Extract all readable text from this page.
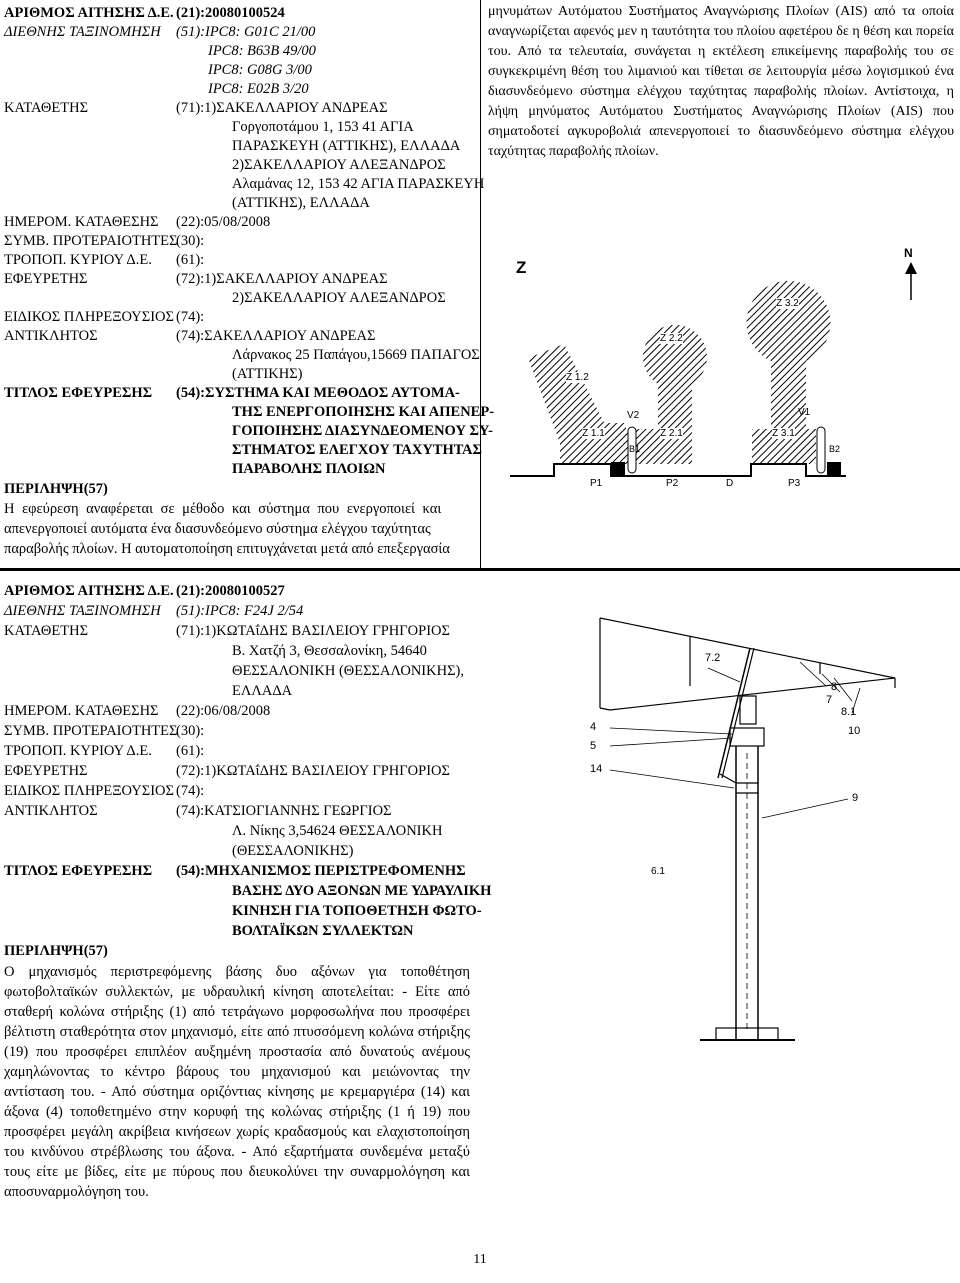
ΑΡΙΘΜΟΣ ΑΙΤΗΣΗΣ Δ.Ε. (21):20080100524
ΔΙΕΘΝΗΣ ΤΑΞΙΝΟΜΗΣΗ (51):IPC8: G01C 21/00
IPC8: B63B 49/00
IPC8: G08G 3/00
IPC8: E02B 3/20
ΚΑΤΑΘΕΤΗΣ	(71):1)ΣΑΚΕΛΛΑΡΙΟΥ ΑΝΔΡΕΑΣ
Γοργοποτάμου 1, 153 41 ΑΓΙΑ
ΠΑΡΑΣΚΕΥΗ (ΑΤΤΙΚΗΣ), ΕΛΛΑΔΑ
2)ΣΑΚΕΛΛΑΡΙΟΥ ΑΛΕΞΑΝΔΡΟΣ
Αλαμάνας 12, 153 42 ΑΓΙΑ ΠΑΡΑΣΚΕΥΗ
(ΑΤΤΙΚΗΣ), ΕΛΛΑΔΑ
ΗΜΕΡΟΜ. ΚΑΤΑΘΕΣΗΣ (22):05/08/2008
ΣΥΜΒ. ΠΡΟΤΕΡΑΙΟΤΗΤΕΣ
(30):
ΤΡΟΠΟΠ. ΚΥΡΙΟΥ Δ.Ε. (61):
ΕΦΕΥΡΕΤΗΣ	(72):1)ΣΑΚΕΛΛΑΡΙΟΥ ΑΝΔΡΕΑΣ
2)ΣΑΚΕΛΛΑΡΙΟΥ ΑΛΕΞΑΝΔΡΟΣ
ΕΙΔΙΚΟΣ ΠΛΗΡΕΞΟΥΣΙΟΣ (74):
ΑΝΤΙΚΛΗΤΟΣ	(74):ΣΑΚΕΛΛΑΡΙΟΥ ΑΝΔΡΕΑΣ
Λάρνακος 25 Παπάγου,15669 ΠΑΠΑΓΟΣ
(ΑΤΤΙΚΗΣ)
ΤΙΤΛΟΣ ΕΦΕΥΡΕΣΗΣ (54):ΣΥΣΤΗΜΑ ΚΑΙ ΜΕΘΟΔΟΣ ΑΥΤΟΜΑ-
ΤΗΣ ΕΝΕΡΓΟΠΟΙΗΣΗΣ ΚΑΙ ΑΠΕΝΕΡ-
ΓΟΠΟΙΗΣΗΣ ΔΙΑΣΥΝΔΕΟΜΕΝΟΥ ΣΥ-
ΣΤΗΜΑΤΟΣ ΕΛΕΓΧΟΥ ΤΑΧΥΤΗΤΑΣ
ΠΑΡΑΒΟΛΗΣ ΠΛΟΙΩΝ
ΠΕΡΙΛΗΨΗ(57)
Η εφεύρεση αναφέρεται σε μέθοδο και σύστημα που ενεργοποιεί και
απενεργοποιεί αυτόματα ένα διασυνδεόμενο σύστημα ελέγχου ταχύτητας
παραβολής πλοίων. Η αυτοματοποίηση επιτυγχάνεται μετά από επεξεργασία
μηνυμάτων Αυτόματου Συστήματος Αναγνώρισης Πλοίων (AIS) από τα οποία αναγνωρίζεται αφενός μεν η ταυτότητα του πλοίου αφετέρου δε η θέση και πορεία του. Από τα τελευταία, συνάγεται η εκτέλεση επικείμενης παραβολής του σε συγκεκριμένη θέση του λιμανιού και τίθεται σε λειτουργία μέσω λογισμικού ένα διασυνδεόμενο σύστημα ελέγχου ταχύτητας παραβολής πλοίων. Αντίστοιχα, η λήψη μηνύματος Αυτόματου Συστήματος Αναγνώρισης Πλοίων (AIS) που σηματοδοτεί αγκυροβολιά απενεργοποιεί το διασυνδεόμενο σύστημα ελέγχου ταχύτητας παραβολής πλοίων.
Z
N
Z 3.2
Z 2.2
Z 1.2
V2	V1
Z 1.1	Z 2.1	Z 3.1
B1	B2
P1	P2	D	P3
ΑΡΙΘΜΟΣ ΑΙΤΗΣΗΣ Δ.Ε. (21):20080100527
ΔΙΕΘΝΗΣ ΤΑΞΙΝΟΜΗΣΗ (51):IPC8: F24J 2/54
ΚΑΤΑΘΕΤΗΣ	(71):1)ΚΩΤΑΐΔΗΣ ΒΑΣΙΛΕΙΟΥ ΓΡΗΓΟΡΙΟΣ
Β. Χατζή 3, Θεσσαλονίκη, 54640
ΘΕΣΣΑΛΟΝΙΚΗ (ΘΕΣΣΑΛΟΝΙΚΗΣ),
ΕΛΛΑΔΑ
ΗΜΕΡΟΜ. ΚΑΤΑΘΕΣΗΣ (22):06/08/2008
ΣΥΜΒ. ΠΡΟΤΕΡΑΙΟΤΗΤΕΣ
(30):
ΤΡΟΠΟΠ. ΚΥΡΙΟΥ Δ.Ε. (61):
ΕΦΕΥΡΕΤΗΣ	(72):1)ΚΩΤΑΐΔΗΣ ΒΑΣΙΛΕΙΟΥ ΓΡΗΓΟΡΙΟΣ
ΕΙΔΙΚΟΣ ΠΛΗΡΕΞΟΥΣΙΟΣ (74):
ΑΝΤΙΚΛΗΤΟΣ	(74):ΚΑΤΣΙΟΓΙΑΝΝΗΣ ΓΕΩΡΓΙΟΣ
Λ. Νίκης 3,54624 ΘΕΣΣΑΛΟΝΙΚΗ
(ΘΕΣΣΑΛΟΝΙΚΗΣ)
ΤΙΤΛΟΣ ΕΦΕΥΡΕΣΗΣ (54):ΜΗΧΑΝΙΣΜΟΣ ΠΕΡΙΣΤΡΕΦΟΜΕΝΗΣ
ΒΑΣΗΣ ΔΥΟ ΑΞΟΝΩΝ ΜΕ ΥΔΡΑΥΛΙΚΗ
ΚΙΝΗΣΗ ΓΙΑ ΤΟΠΟΘΕΤΗΣΗ ΦΩΤΟ-
ΒΟΛΤΑΪΚΩΝ ΣΥΛΛΕΚΤΩΝ
ΠΕΡΙΛΗΨΗ(57)
Ο μηχανισμός περιστρεφόμενης βάσης δυο αξόνων για τοποθέτηση φωτοβολταϊκών συλλεκτών, με υδραυλική κίνηση αποτελείται: - Είτε από σταθερή κολώνα στήριξης (1) από τετράγωνο μορφοσωλήνα που προσφέρει βέλτιστη σταθερότητα στον μηχανισμό, είτε από πτυσσόμενη κολώνα στήριξης (19) που προσφέρει επιπλέον αυξημένη προστασία από δυνατούς ανέμους χαμηλώνοντας το κέντρο βάρους του μηχανισμού και μειώνοντας την αντίσταση του. - Από σύστημα οριζόντιας κίνησης με κρεμαργιέρα (14) και άξονα (4) τοποθετημένο στην κορυφή της κολώνας στήριξης (1 ή 19) που προσφέρει μεγάλη ακρίβεια κινήσεων χωρίς κραδασμούς και ελαχιστοποίηση του κινδύνου στρέβλωσης του άξονα. - Από εξαρτήματα συνδεμένα μεταξύ τους είτε με βίδες, είτε με πύρους που διευκολύνει την συναρμολόγηση και αποσυναρμολόγηση του.
7.2
8
7
8.1
10
4
5
14
9
6.1
11
